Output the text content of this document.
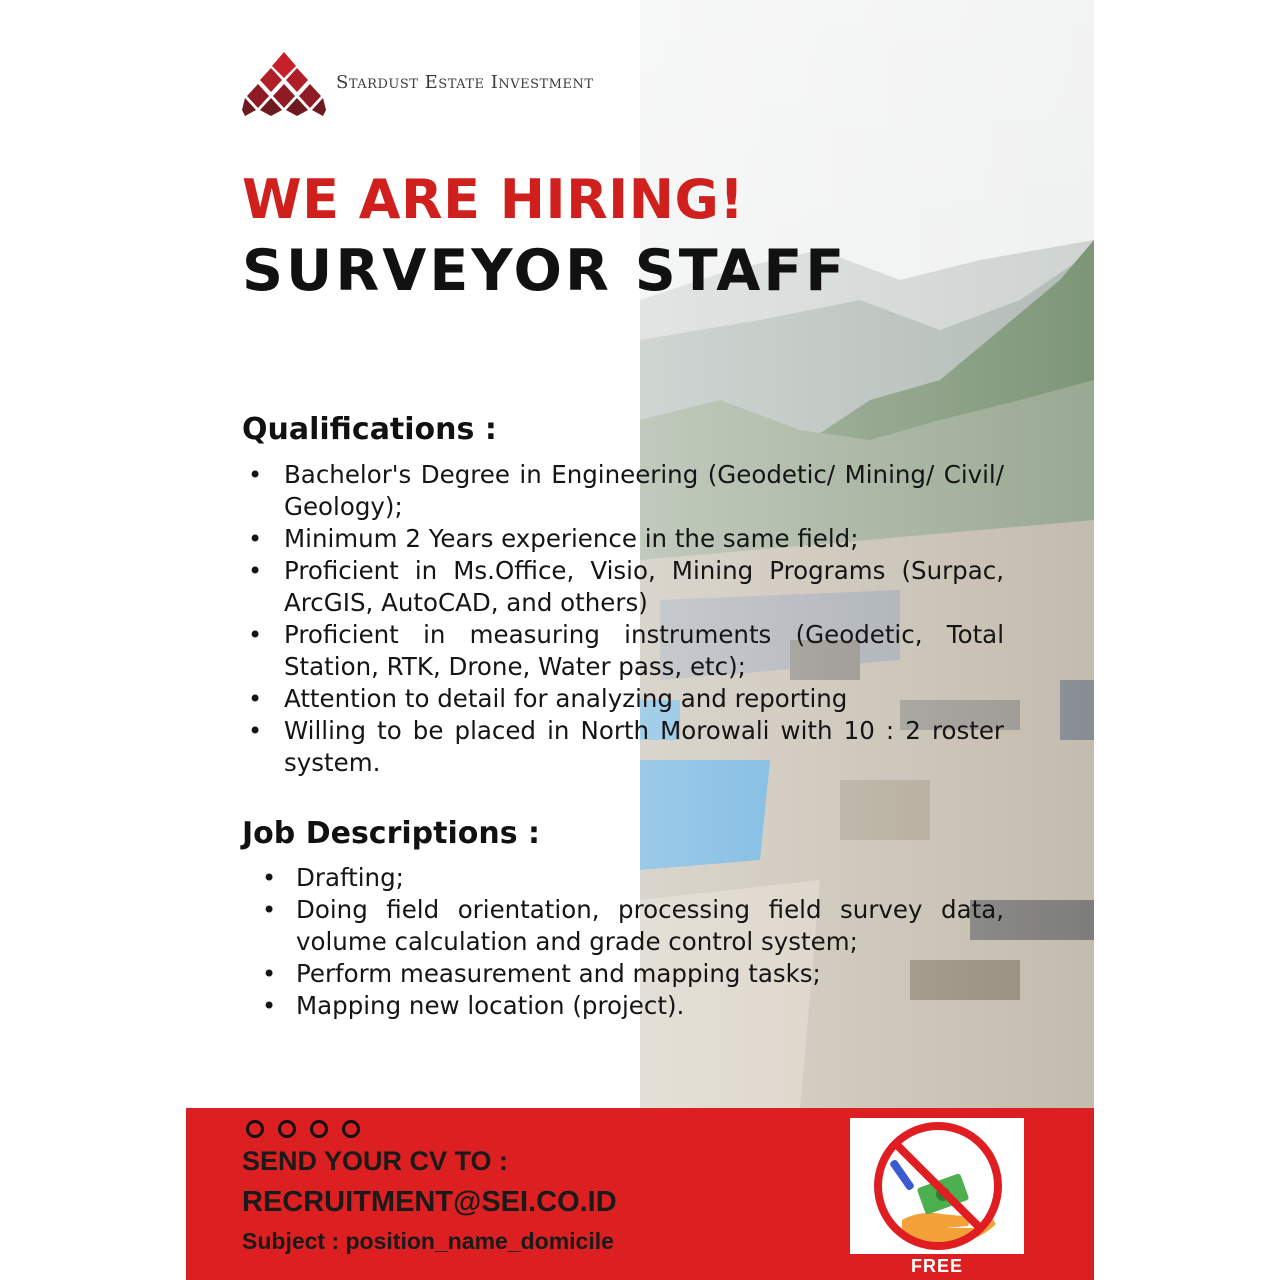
Stardust Estate Investment
WE ARE HIRING!
SURVEYOR STAFF
Qualifications :
• Bachelor's Degree in Engineering (Geodetic/ Mining/ Civil/ Geology);
• Minimum 2 Years experience in the same field;
• Proficient in Ms.Office, Visio, Mining Programs (Surpac, ArcGIS, AutoCAD, and others)
• Proficient in measuring instruments (Geodetic, Total Station, RTK, Drone, Water pass, etc);
• Attention to detail for analyzing and reporting
• Willing to be placed in North Morowali with 10 : 2 roster system.
Job Descriptions :
• Drafting;
• Doing field orientation, processing field survey data, volume calculation and grade control system;
• Perform measurement and mapping tasks;
• Mapping new location (project).
SEND YOUR CV TO :
RECRUITMENT@SEI.CO.ID
Subject : position_name_domicile
FREE
